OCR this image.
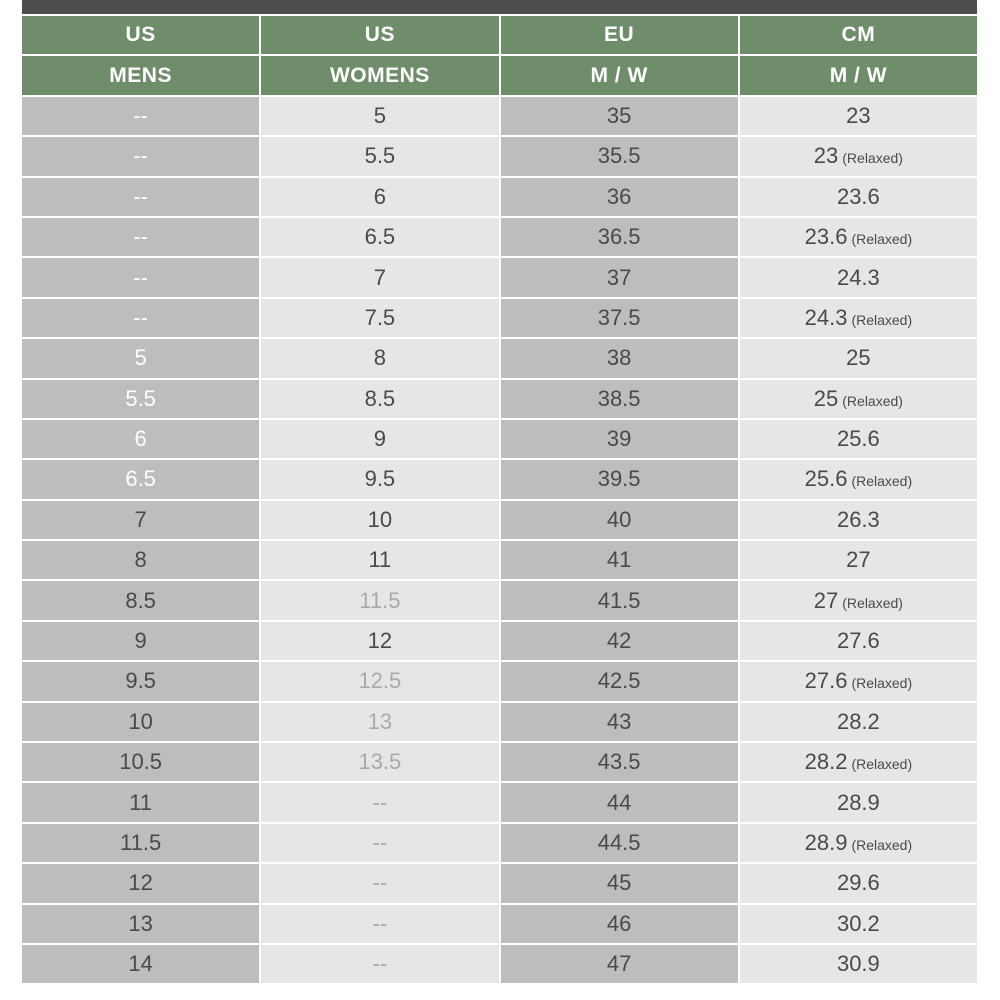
US	US	EU	CM
MENS	WOMENS	M / W	M / W
--	5	35	23
--	5.5	35.5	23 (Relaxed)
--	6	36	23.6
--	6.5	36.5	23.6 (Relaxed)
--	7	37	24.3
--	7.5	37.5	24.3 (Relaxed)
5	8	38	25
5.5	8.5	38.5	25 (Relaxed)
6	9	39	25.6
6.5	9.5	39.5	25.6 (Relaxed)
7	10	40	26.3
8	11	41	27
8.5	11.5	41.5	27 (Relaxed)
9	12	42	27.6
9.5	12.5	42.5	27.6 (Relaxed)
10	13	43	28.2
10.5	13.5	43.5	28.2 (Relaxed)
11	--	44	28.9
11.5	--	44.5	28.9 (Relaxed)
12	--	45	29.6
13	--	46	30.2
14	--	47	30.9
